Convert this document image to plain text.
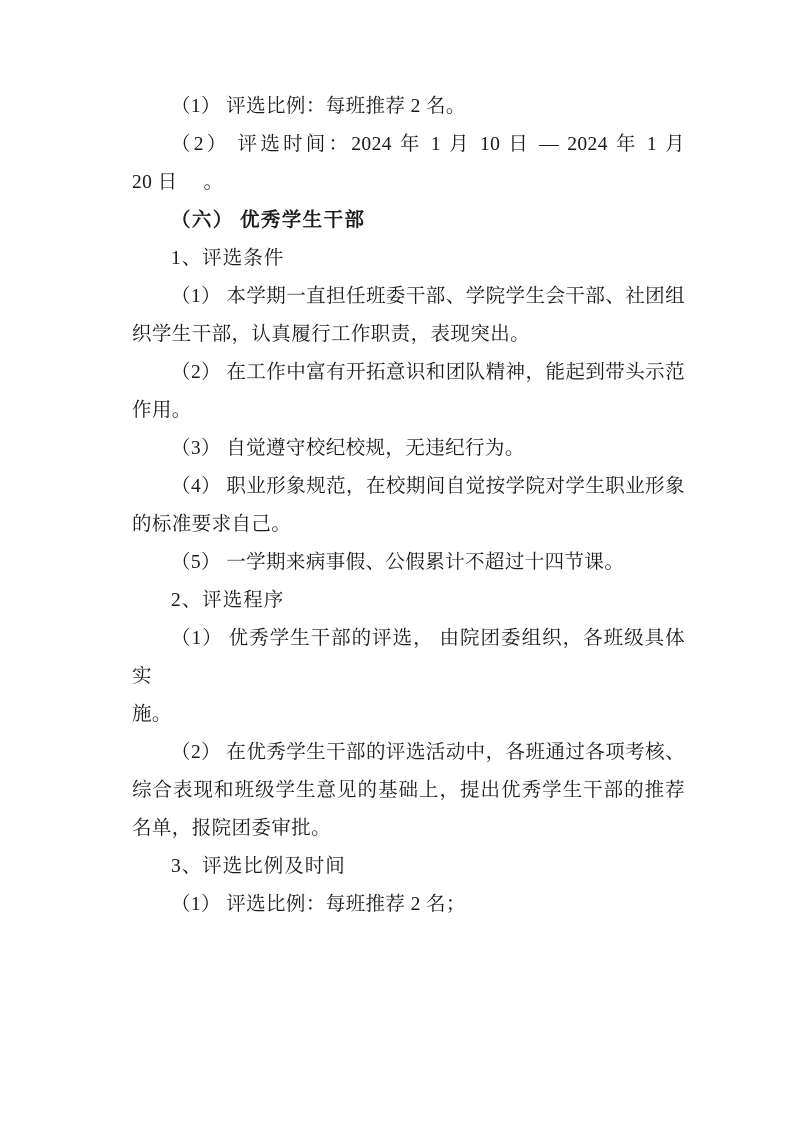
（1） 评选比例：每班推荐 2 名。

（2） 评选时间：2024 年 1 月 10 日 — 2024 年 1 月

20 日 。

（六） 优秀学生干部

1、评选条件

（1） 本学期一直担任班委干部、学院学生会干部、社团组

织学生干部，认真履行工作职责，表现突出。

（2） 在工作中富有开拓意识和团队精神，能起到带头示范

作用。

（3） 自觉遵守校纪校规，无违纪行为。

（4） 职业形象规范，在校期间自觉按学院对学生职业形象

的标准要求自己。

（5） 一学期来病事假、公假累计不超过十四节课。

2、评选程序

（1） 优秀学生干部的评选， 由院团委组织，各班级具体实

施。

（2） 在优秀学生干部的评选活动中，各班通过各项考核、

综合表现和班级学生意见的基础上，提出优秀学生干部的推荐

名单，报院团委审批。

3、评选比例及时间

（1） 评选比例：每班推荐 2 名；
